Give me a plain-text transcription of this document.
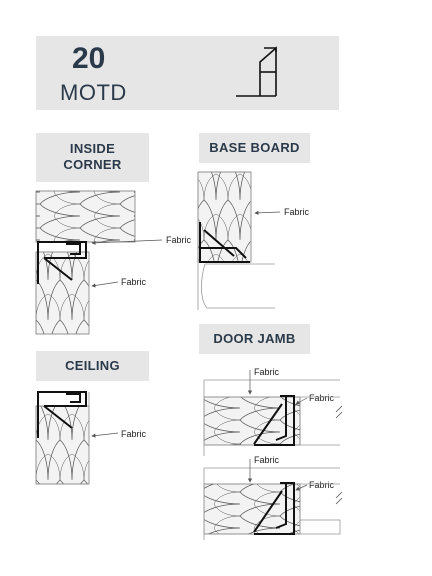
20
MOTD
INSIDE
CORNER
BASE BOARD
CEILING
DOOR JAMB
Fabric
Fabric
Fabric
Fabric
Fabric
Fabric
Fabric
Fabric
